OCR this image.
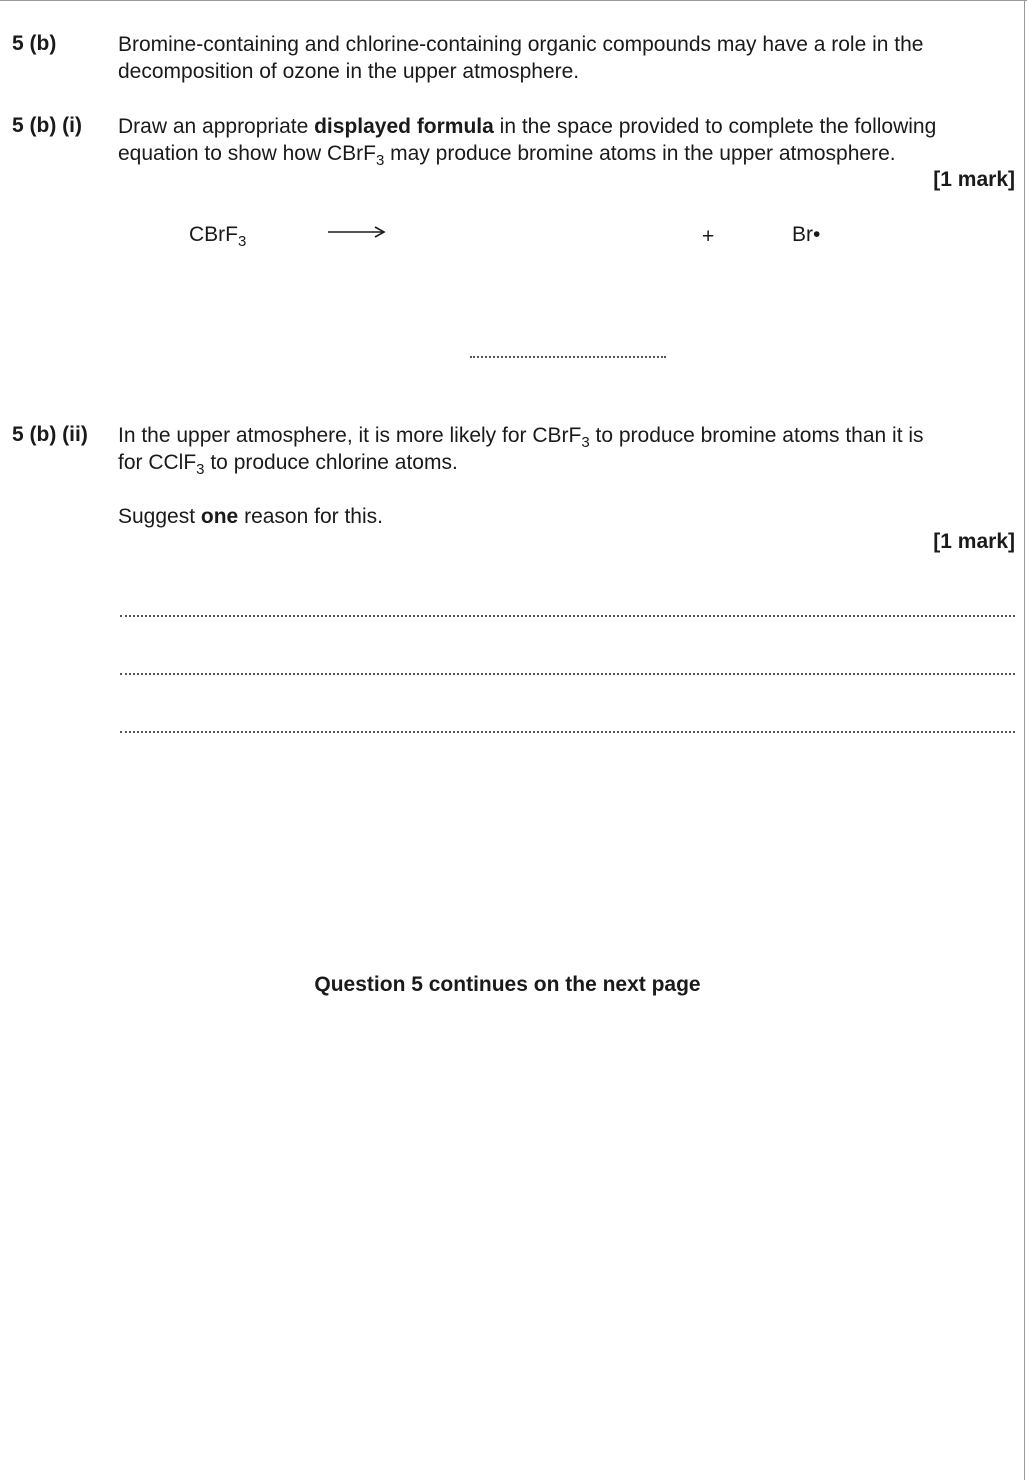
5 (b)	Bromine-containing and chlorine-containing organic compounds may have a role in the decomposition of ozone in the upper atmosphere.
5 (b) (i) Draw an appropriate displayed formula in the space provided to complete the following equation to show how CBrF$_3$ may produce bromine atoms in the upper atmosphere.
[1 mark]
CBrF$_3$	+	Br•
5 (b) (ii) In the upper atmosphere, it is more likely for CBrF$_3$ to produce bromine atoms than it is
for CClF$_3$ to produce chlorine atoms.
Suggest one reason for this.
[1 mark]
Question 5 continues on the next page
